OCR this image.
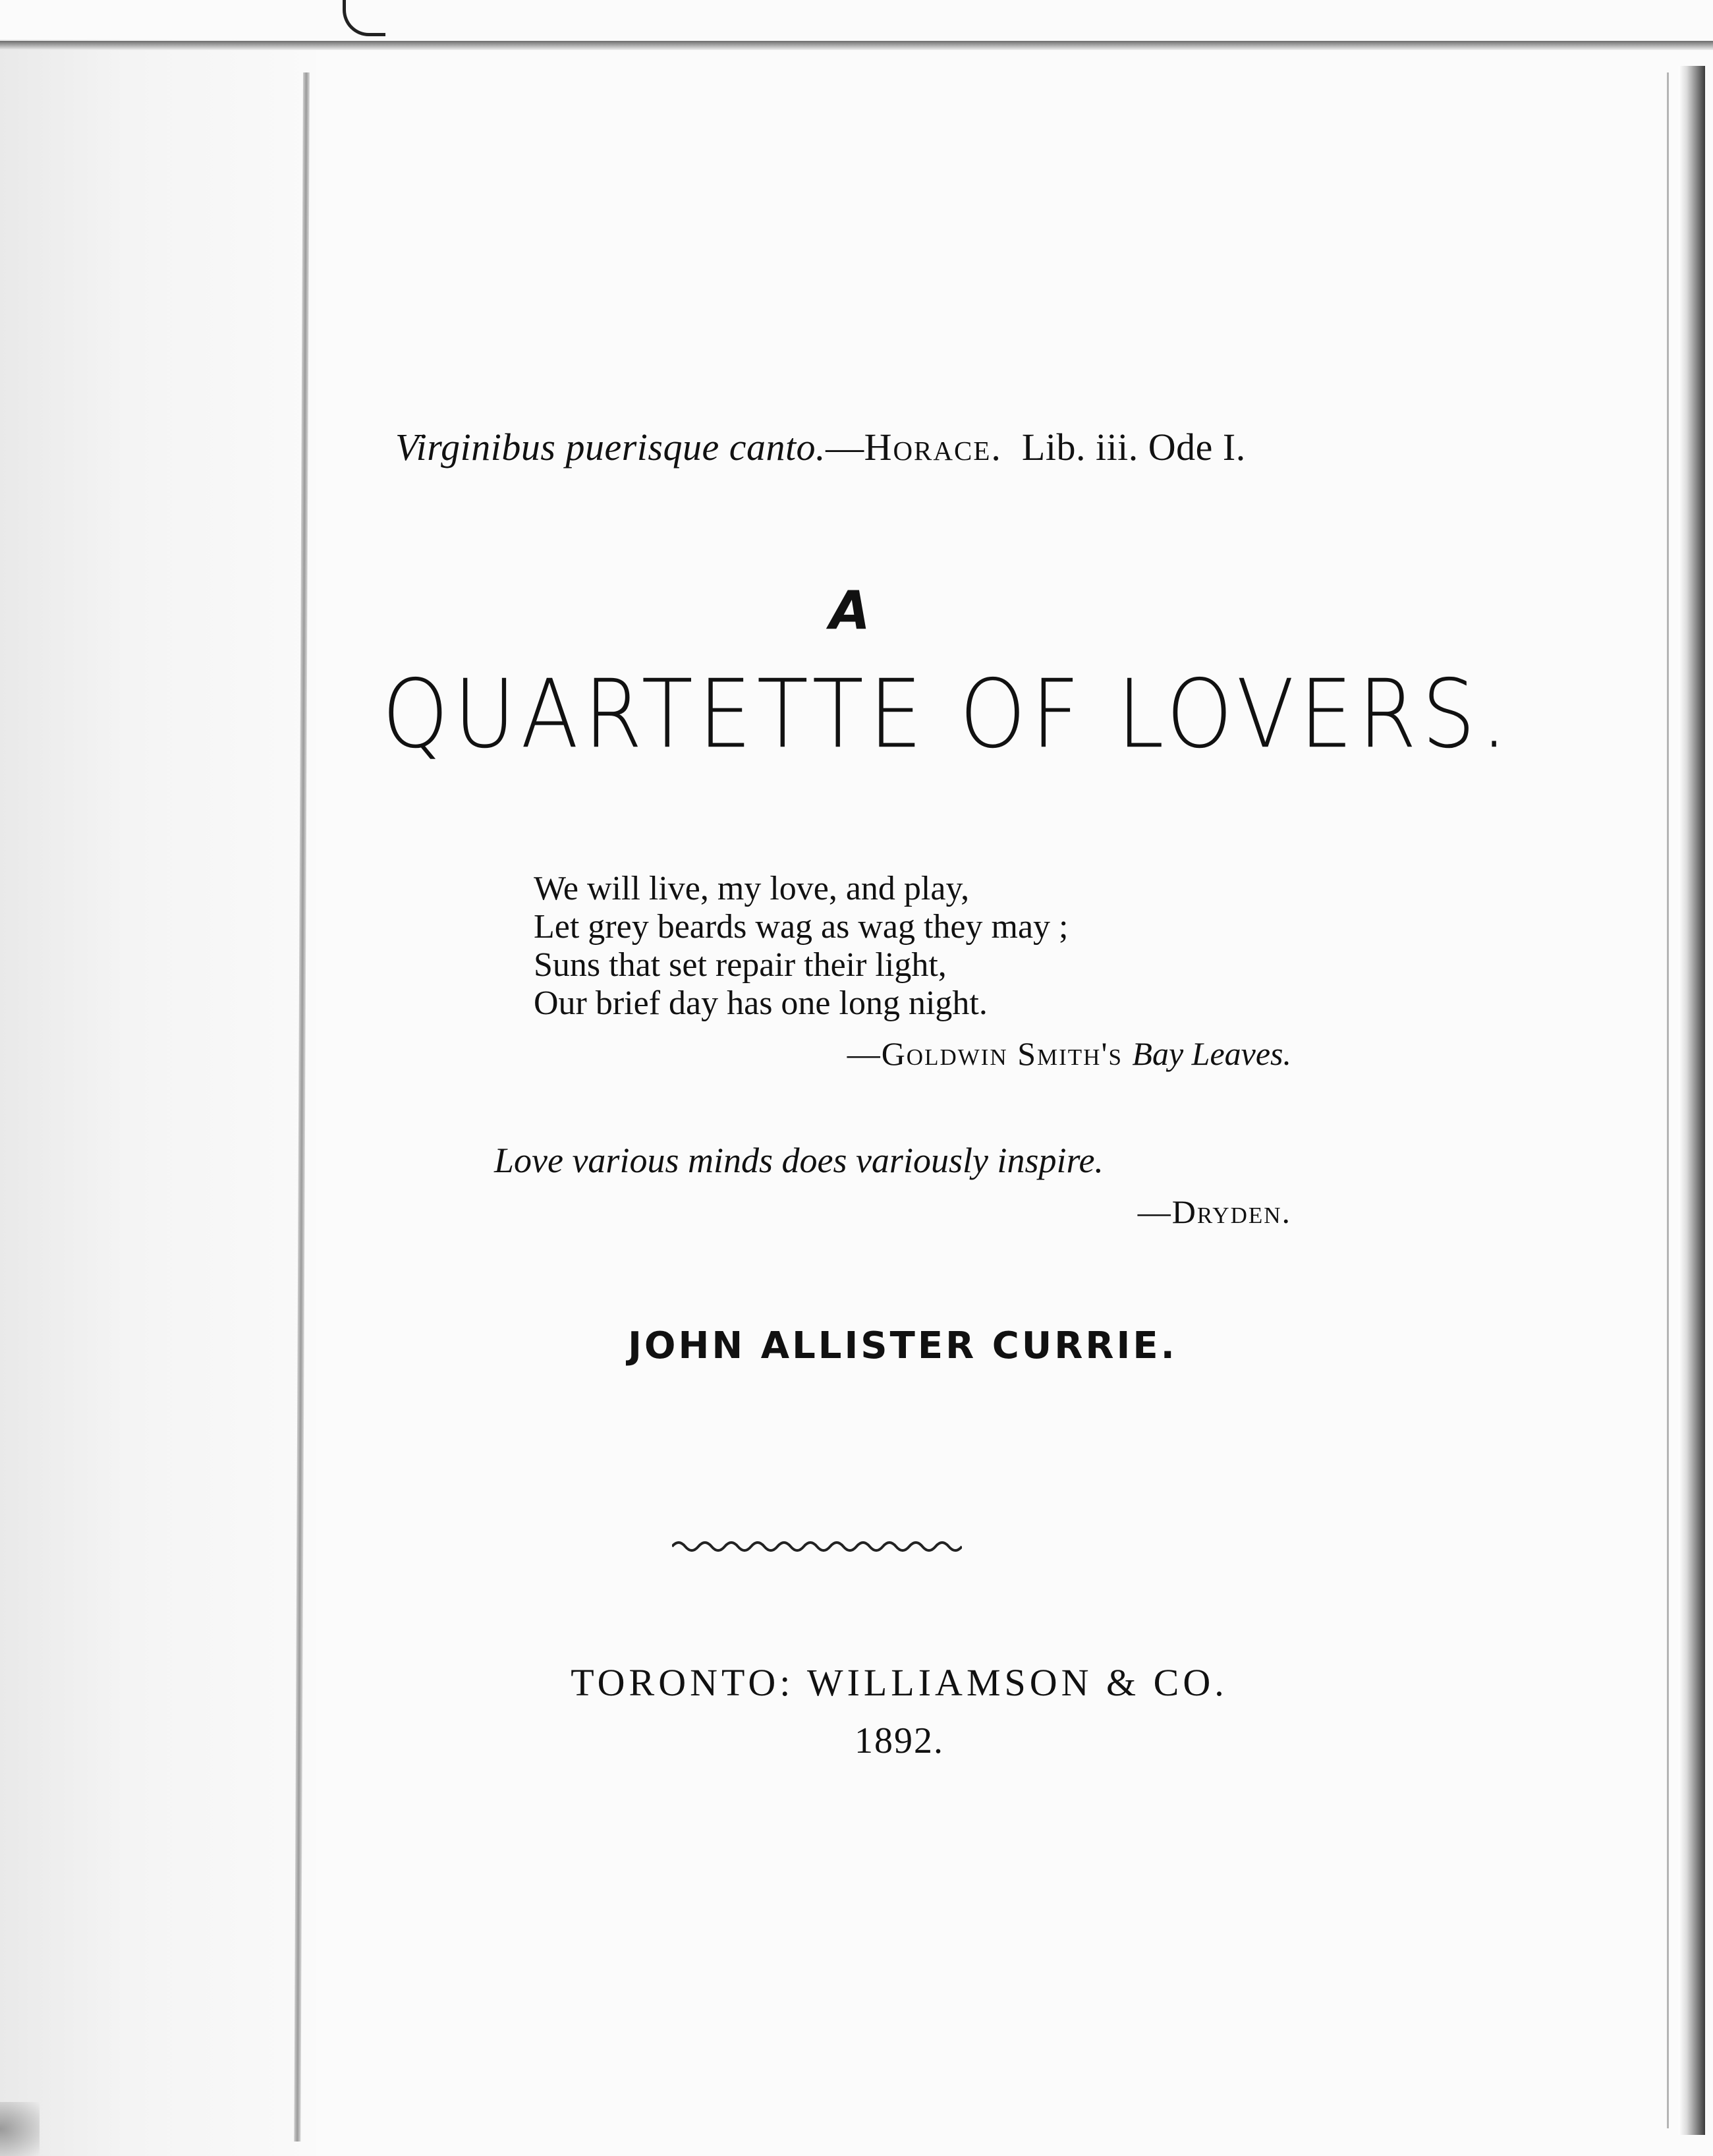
Virginibus puerisque canto.—Horace. Lib. iii. Ode I.
A
QUARTETTE OF LOVERS.
We will live, my love, and play,
Let grey beards wag as wag they may ;
Suns that set repair their light,
Our brief day has one long night.
—Goldwin Smith's Bay Leaves.
Love various minds does variously inspire.
—Dryden.
JOHN ALLISTER CURRIE.
TORONTO: WILLIAMSON & CO.
1892.
